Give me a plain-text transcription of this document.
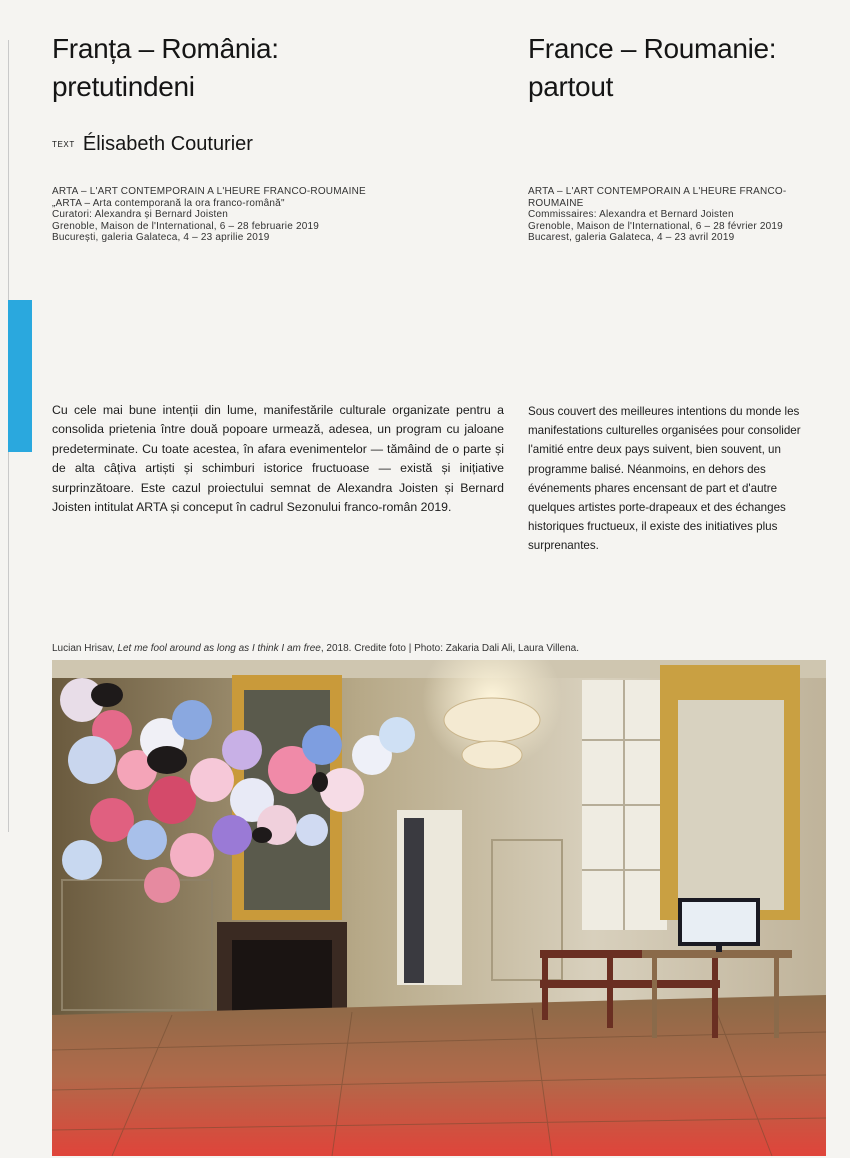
Franța – România:
pretutindeni
France – Roumanie:
partout
TEXT Élisabeth Couturier
ARTA – L'ART CONTEMPORAIN A L'HEURE FRANCO-ROUMAINE
„ARTA – Arta contemporană la ora franco-română"
Curatori: Alexandra și Bernard Joisten
Grenoble, Maison de l'International, 6 – 28 februarie 2019
București, galeria Galateca, 4 – 23 aprilie 2019
ARTA – L'ART CONTEMPORAIN A L'HEURE FRANCO-ROUMAINE
Commissaires: Alexandra et Bernard Joisten
Grenoble, Maison de l'International, 6 – 28 février 2019
Bucarest, galeria Galateca, 4 – 23 avril 2019

Cu cele mai bune intenții din lume, manifestările culturale organizate pentru a consolida prietenia între două popoare urmează, adesea, un program cu jaloane predeterminate. Cu toate acestea, în afara evenimentelor — tămâind de o parte și de alta câțiva artiști și schimburi istorice fructuoase — există și inițiative surprinzătoare. Este cazul proiectului semnat de Alexandra Joisten și Bernard Joisten intitulat ARTA și conceput în cadrul Sezonului franco-român 2019.

Sous couvert des meilleures intentions du monde les manifestations culturelles organisées pour consolider l'amitié entre deux pays suivent, bien souvent, un programme balisé. Néanmoins, en dehors des événements phares encensant de part et d'autre quelques artistes porte-drapeaux et des échanges historiques fructueux, il existe des initiatives plus surprenantes.

Lucian Hrisav, Let me fool around as long as I think I am free, 2018. Credite foto | Photo: Zakaria Dali Ali, Laura Villena.
